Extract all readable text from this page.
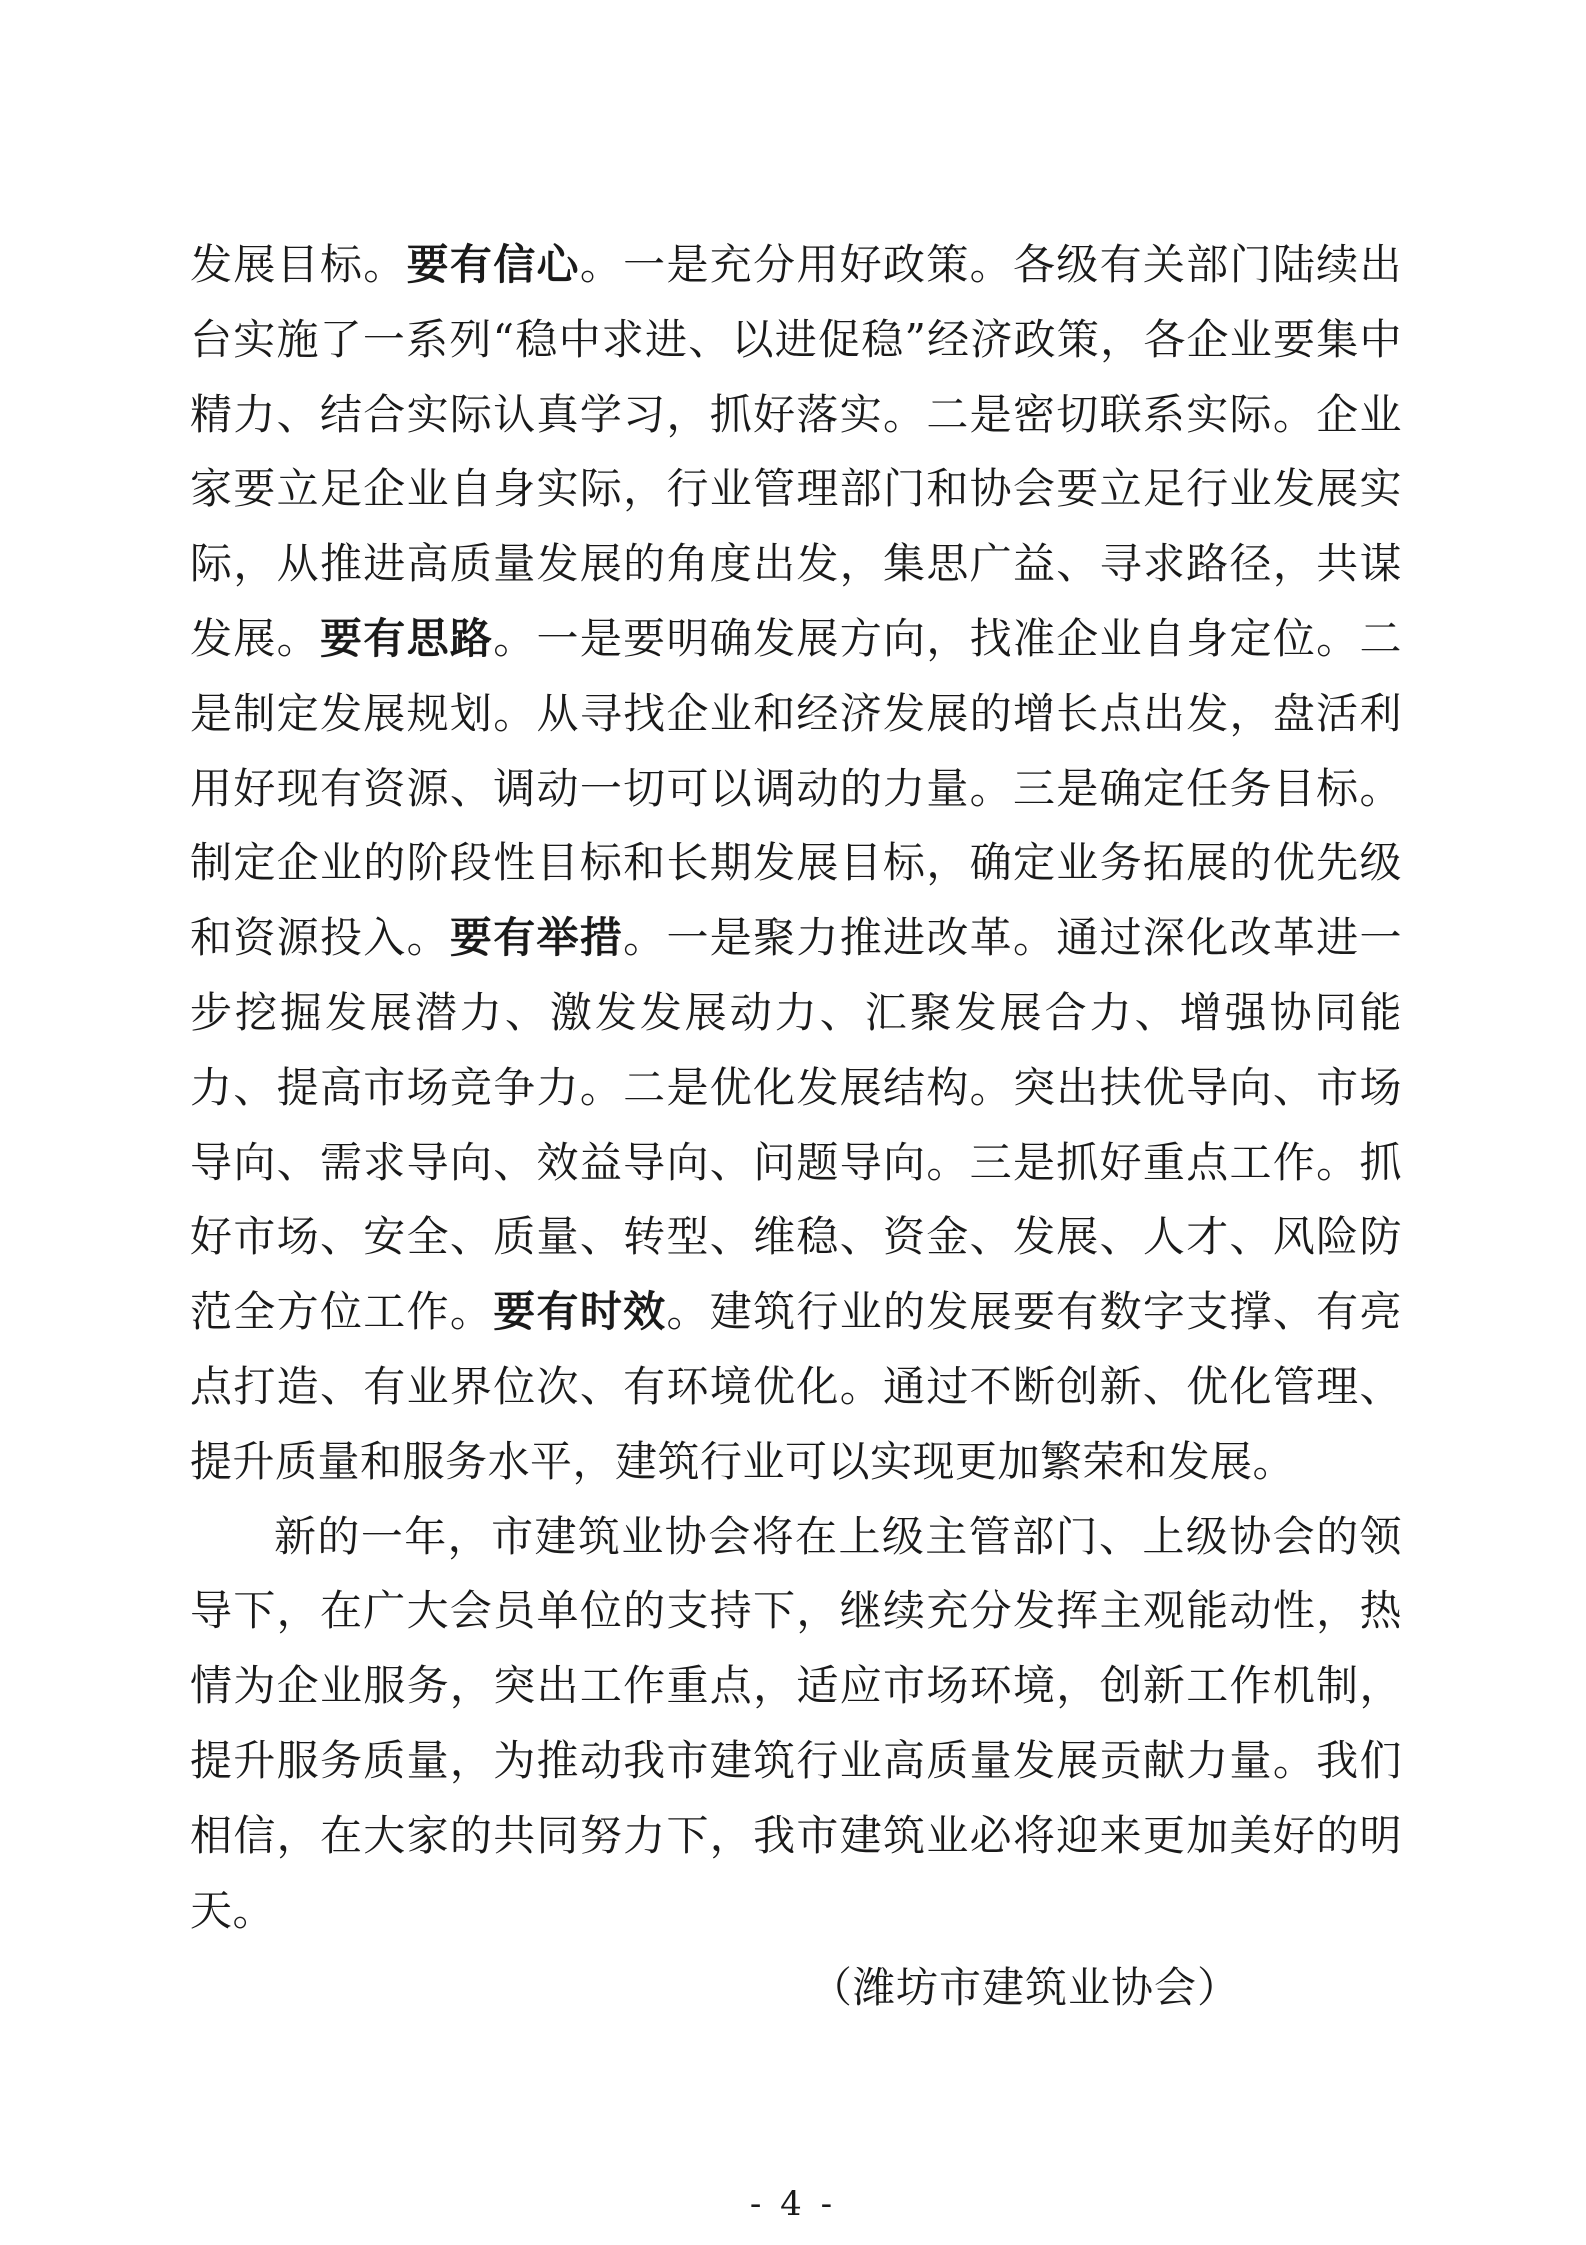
发展目标。要有信心。一是充分用好政策。各级有关部门陆续出台实施了一系列“稳中求进、以进促稳”经济政策，各企业要集中精力、结合实际认真学习，抓好落实。二是密切联系实际。企业家要立足企业自身实际，行业管理部门和协会要立足行业发展实际，从推进高质量发展的角度出发，集思广益、寻求路径，共谋发展。要有思路。一是要明确发展方向，找准企业自身定位。二是制定发展规划。从寻找企业和经济发展的增长点出发，盘活利用好现有资源、调动一切可以调动的力量。三是确定任务目标。制定企业的阶段性目标和长期发展目标，确定业务拓展的优先级和资源投入。要有举措。一是聚力推进改革。通过深化改革进一步挖掘发展潜力、激发发展动力、汇聚发展合力、增强协同能力、提高市场竞争力。二是优化发展结构。突出扶优导向、市场导向、需求导向、效益导向、问题导向。三是抓好重点工作。抓好市场、安全、质量、转型、维稳、资金、发展、人才、风险防范全方位工作。要有时效。建筑行业的发展要有数字支撑、有亮点打造、有业界位次、有环境优化。通过不断创新、优化管理、提升质量和服务水平，建筑行业可以实现更加繁荣和发展。

新的一年，市建筑业协会将在上级主管部门、上级协会的领导下，在广大会员单位的支持下，继续充分发挥主观能动性，热情为企业服务，突出工作重点，适应市场环境，创新工作机制，提升服务质量，为推动我市建筑行业高质量发展贡献力量。我们相信，在大家的共同努力下，我市建筑业必将迎来更加美好的明天。

（潍坊市建筑业协会）
- 4 -
